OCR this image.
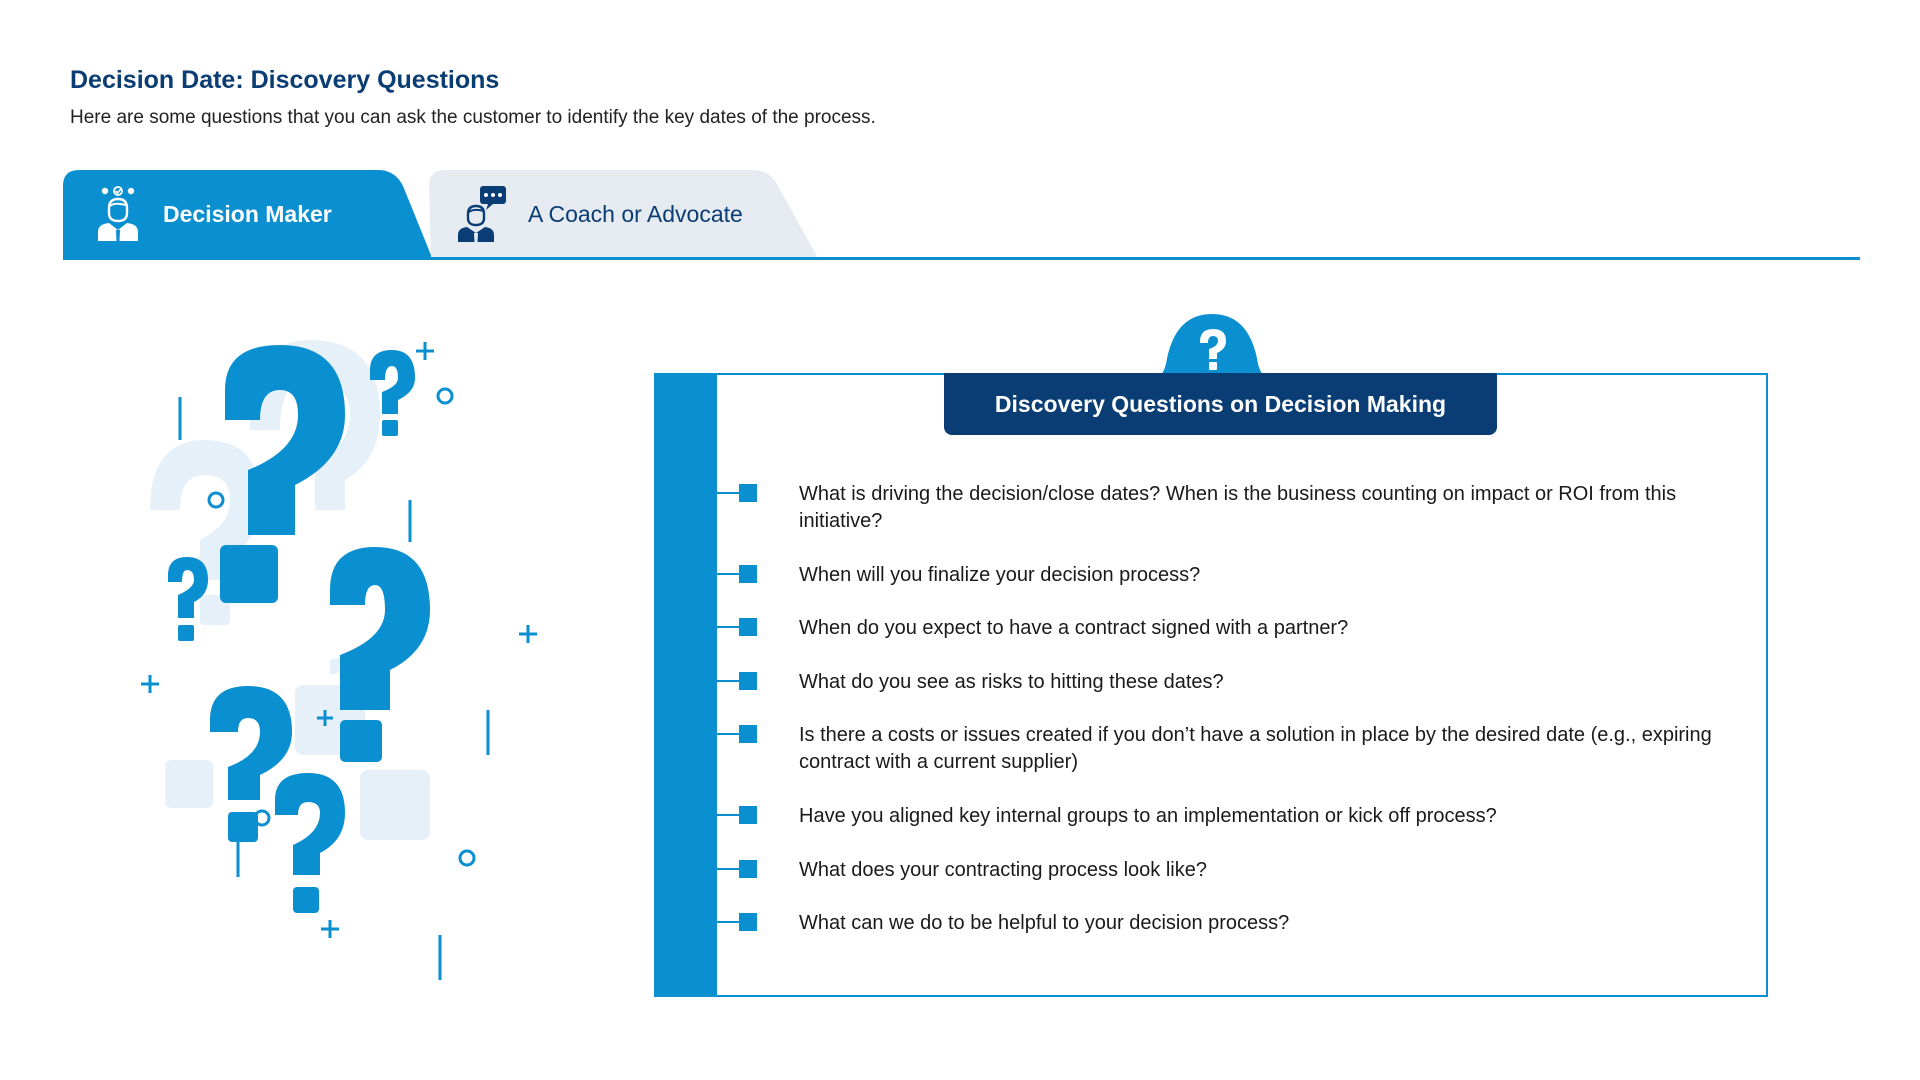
Decision Date: Discovery Questions
Here are some questions that you can ask the customer to identify the key dates of the process.
Decision Maker	A Coach or Advocate
What is driving the decision/close dates? When is the business counting on impact or ROI from this initiative?
When will you finalize your decision process?
When do you expect to have a contract signed with a partner?
What do you see as risks to hitting these dates?
Is there a costs or issues created if you don’t have a solution in place by the desired date (e.g., expiring contract with a current supplier)
Have you aligned key internal groups to an implementation or kick off process?
What does your contracting process look like?
What can we do to be helpful to your decision process?
Discovery Questions on Decision Making
